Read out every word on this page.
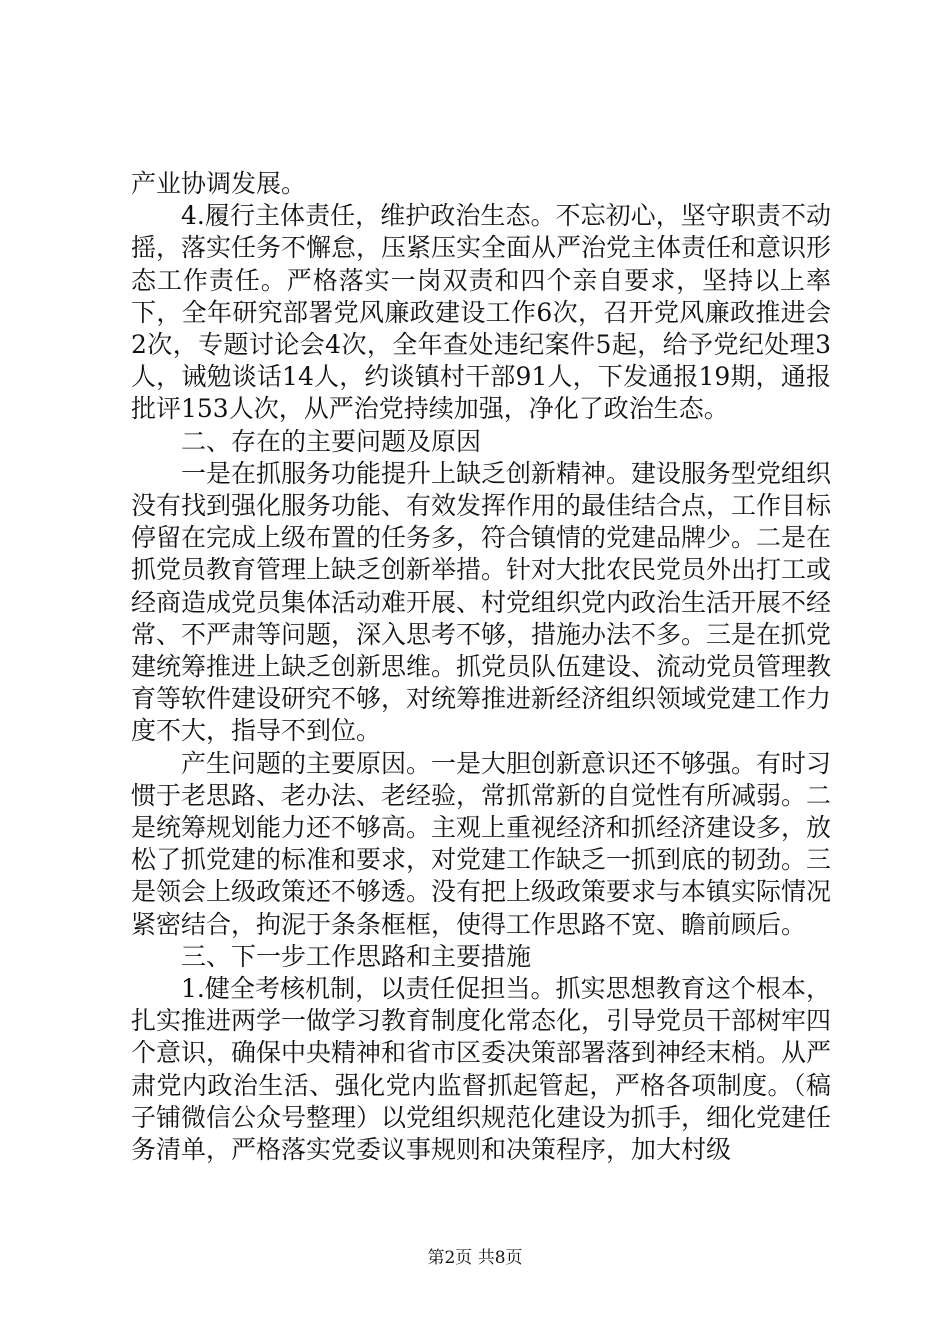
产业协调发展。

4.履行主体责任，维护政治生态。不忘初心，坚守职责不动摇，落实任务不懈怠，压紧压实全面从严治党主体责任和意识形态工作责任。严格落实一岗双责和四个亲自要求，坚持以上率下，全年研究部署党风廉政建设工作6次，召开党风廉政推进会2次，专题讨论会4次，全年查处违纪案件5起，给予党纪处理3人，诫勉谈话14人，约谈镇村干部91人，下发通报19期，通报批评153人次，从严治党持续加强，净化了政治生态。

二、存在的主要问题及原因

一是在抓服务功能提升上缺乏创新精神。建设服务型党组织没有找到强化服务功能、有效发挥作用的最佳结合点，工作目标停留在完成上级布置的任务多，符合镇情的党建品牌少。二是在抓党员教育管理上缺乏创新举措。针对大批农民党员外出打工或经商造成党员集体活动难开展、村党组织党内政治生活开展不经常、不严肃等问题，深入思考不够，措施办法不多。三是在抓党建统筹推进上缺乏创新思维。抓党员队伍建设、流动党员管理教育等软件建设研究不够，对统筹推进新经济组织领域党建工作力度不大，指导不到位。

产生问题的主要原因。一是大胆创新意识还不够强。有时习惯于老思路、老办法、老经验，常抓常新的自觉性有所减弱。二是统筹规划能力还不够高。主观上重视经济和抓经济建设多，放松了抓党建的标准和要求，对党建工作缺乏一抓到底的韧劲。三是领会上级政策还不够透。没有把上级政策要求与本镇实际情况紧密结合，拘泥于条条框框，使得工作思路不宽、瞻前顾后。

三、下一步工作思路和主要措施

1.健全考核机制，以责任促担当。抓实思想教育这个根本，扎实推进两学一做学习教育制度化常态化，引导党员干部树牢四个意识，确保中央精神和省市区委决策部署落到神经末梢。从严肃党内政治生活、强化党内监督抓起管起，严格各项制度。（稿子铺微信公众号整理）以党组织规范化建设为抓手，细化党建任务清单，严格落实党委议事规则和决策程序，加大村级

第2页 共8页
